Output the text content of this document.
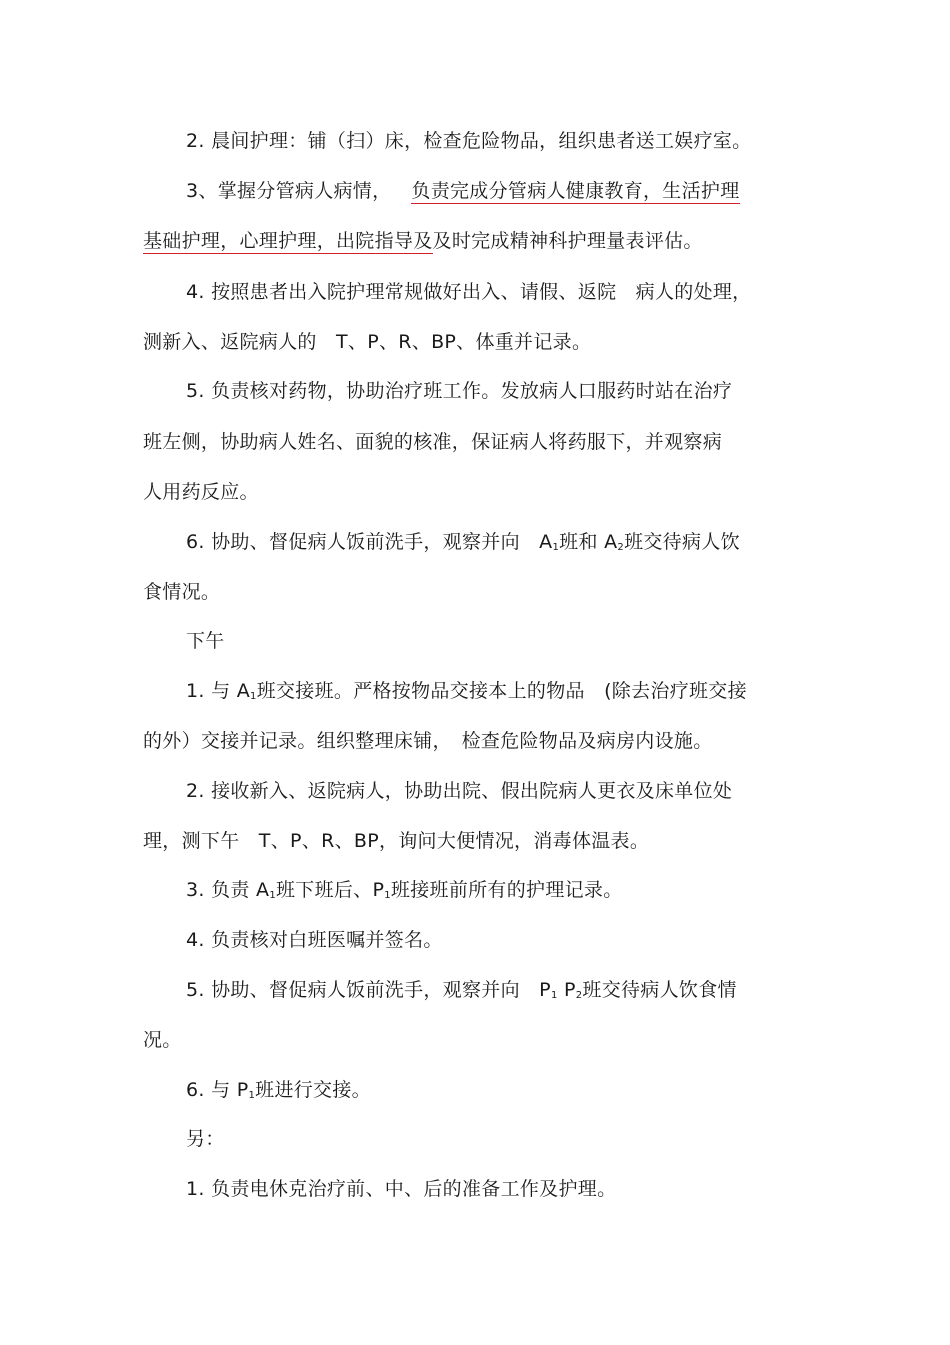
2. 晨间护理：铺（扫）床，检查危险物品，组织患者送工娱疗室。
3、掌握分管病人病情， 负责完成分管病人健康教育，生活护理
基础护理，心理护理，出院指导及及时完成精神科护理量表评估。
4. 按照患者出入院护理常规做好出入、请假、返院　病人的处理，
测新入、返院病人的　T、P、R、BP、体重并记录。
5. 负责核对药物，协助治疗班工作。发放病人口服药时站在治疗
班左侧，协助病人姓名、面貌的核准，保证病人将药服下，并观察病
人用药反应。
6. 协助、督促病人饭前洗手，观察并向　$A_1$班和 $A_2$班交待病人饮
食情况。
下午
1. 与 $A_1$班交接班。严格按物品交接本上的物品　(除去治疗班交接
的外）交接并记录。组织整理床铺，　检查危险物品及病房内设施。
2. 接收新入、返院病人，协助出院、假出院病人更衣及床单位处
理，测下午　T、P、R、BP，询问大便情况，消毒体温表。
3. 负责 $A_1$班下班后、$P_1$班接班前所有的护理记录。
4. 负责核对白班医嘱并签名。
5. 协助、督促病人饭前洗手，观察并向　$P_1$ $P_2$班交待病人饮食情
况。
6. 与 $P_1$班进行交接。
另：
1. 负责电休克治疗前、中、后的准备工作及护理。
